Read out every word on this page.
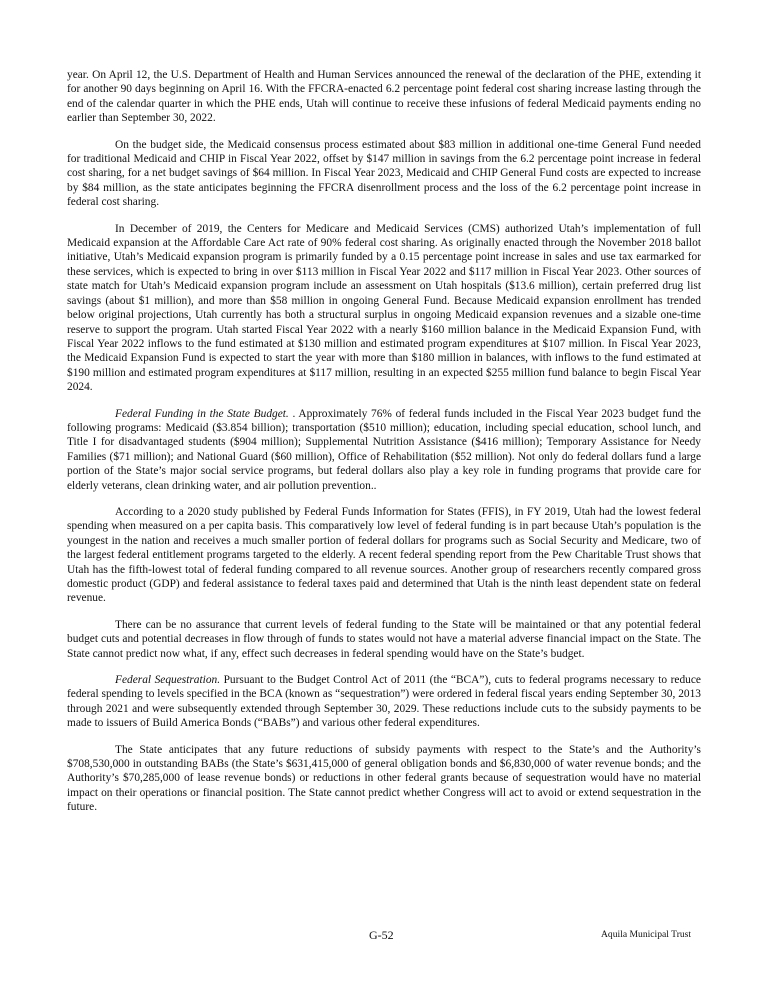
year. On April 12, the U.S. Department of Health and Human Services announced the renewal of the declaration of the PHE, extending it for another 90 days beginning on April 16. With the FFCRA-enacted 6.2 percentage point federal cost sharing increase lasting through the end of the calendar quarter in which the PHE ends, Utah will continue to receive these infusions of federal Medicaid payments ending no earlier than September 30, 2022.

On the budget side, the Medicaid consensus process estimated about $83 million in additional one-time General Fund needed for traditional Medicaid and CHIP in Fiscal Year 2022, offset by $147 million in savings from the 6.2 percentage point increase in federal cost sharing, for a net budget savings of $64 million. In Fiscal Year 2023, Medicaid and CHIP General Fund costs are expected to increase by $84 million, as the state anticipates beginning the FFCRA disenrollment process and the loss of the 6.2 percentage point increase in federal cost sharing.

In December of 2019, the Centers for Medicare and Medicaid Services (CMS) authorized Utah’s implementation of full Medicaid expansion at the Affordable Care Act rate of 90% federal cost sharing. As originally enacted through the November 2018 ballot initiative, Utah’s Medicaid expansion program is primarily funded by a 0.15 percentage point increase in sales and use tax earmarked for these services, which is expected to bring in over $113 million in Fiscal Year 2022 and $117 million in Fiscal Year 2023. Other sources of state match for Utah’s Medicaid expansion program include an assessment on Utah hospitals ($13.6 million), certain preferred drug list savings (about $1 million), and more than $58 million in ongoing General Fund. Because Medicaid expansion enrollment has trended below original projections, Utah currently has both a structural surplus in ongoing Medicaid expansion revenues and a sizable one-time reserve to support the program. Utah started Fiscal Year 2022 with a nearly $160 million balance in the Medicaid Expansion Fund, with Fiscal Year 2022 inflows to the fund estimated at $130 million and estimated program expenditures at $107 million. In Fiscal Year 2023, the Medicaid Expansion Fund is expected to start the year with more than $180 million in balances, with inflows to the fund estimated at $190 million and estimated program expenditures at $117 million, resulting in an expected $255 million fund balance to begin Fiscal Year 2024.

Federal Funding in the State Budget. . Approximately 76% of federal funds included in the Fiscal Year 2023 budget fund the following programs: Medicaid ($3.854 billion); transportation ($510 million); education, including special education, school lunch, and Title I for disadvantaged students ($904 million); Supplemental Nutrition Assistance ($416 million); Temporary Assistance for Needy Families ($71 million); and National Guard ($60 million), Office of Rehabilitation ($52 million). Not only do federal dollars fund a large portion of the State’s major social service programs, but federal dollars also play a key role in funding programs that provide care for elderly veterans, clean drinking water, and air pollution prevention..

According to a 2020 study published by Federal Funds Information for States (FFIS), in FY 2019, Utah had the lowest federal spending when measured on a per capita basis. This comparatively low level of federal funding is in part because Utah’s population is the youngest in the nation and receives a much smaller portion of federal dollars for programs such as Social Security and Medicare, two of the largest federal entitlement programs targeted to the elderly. A recent federal spending report from the Pew Charitable Trust shows that Utah has the fifth-lowest total of federal funding compared to all revenue sources. Another group of researchers recently compared gross domestic product (GDP) and federal assistance to federal taxes paid and determined that Utah is the ninth least dependent state on federal revenue.

There can be no assurance that current levels of federal funding to the State will be maintained or that any potential federal budget cuts and potential decreases in flow through of funds to states would not have a material adverse financial impact on the State. The State cannot predict now what, if any, effect such decreases in federal spending would have on the State’s budget.

Federal Sequestration. Pursuant to the Budget Control Act of 2011 (the “BCA”), cuts to federal programs necessary to reduce federal spending to levels specified in the BCA (known as “sequestration”) were ordered in federal fiscal years ending September 30, 2013 through 2021 and were subsequently extended through September 30, 2029. These reductions include cuts to the subsidy payments to be made to issuers of Build America Bonds (“BABs”) and various other federal expenditures.

The State anticipates that any future reductions of subsidy payments with respect to the State’s and the Authority’s $708,530,000 in outstanding BABs (the State’s $631,415,000 of general obligation bonds and $6,830,000 of water revenue bonds; and the Authority’s $70,285,000 of lease revenue bonds) or reductions in other federal grants because of sequestration would have no material impact on their operations or financial position. The State cannot predict whether Congress will act to avoid or extend sequestration in the future.

G-52	Aquila Municipal Trust
